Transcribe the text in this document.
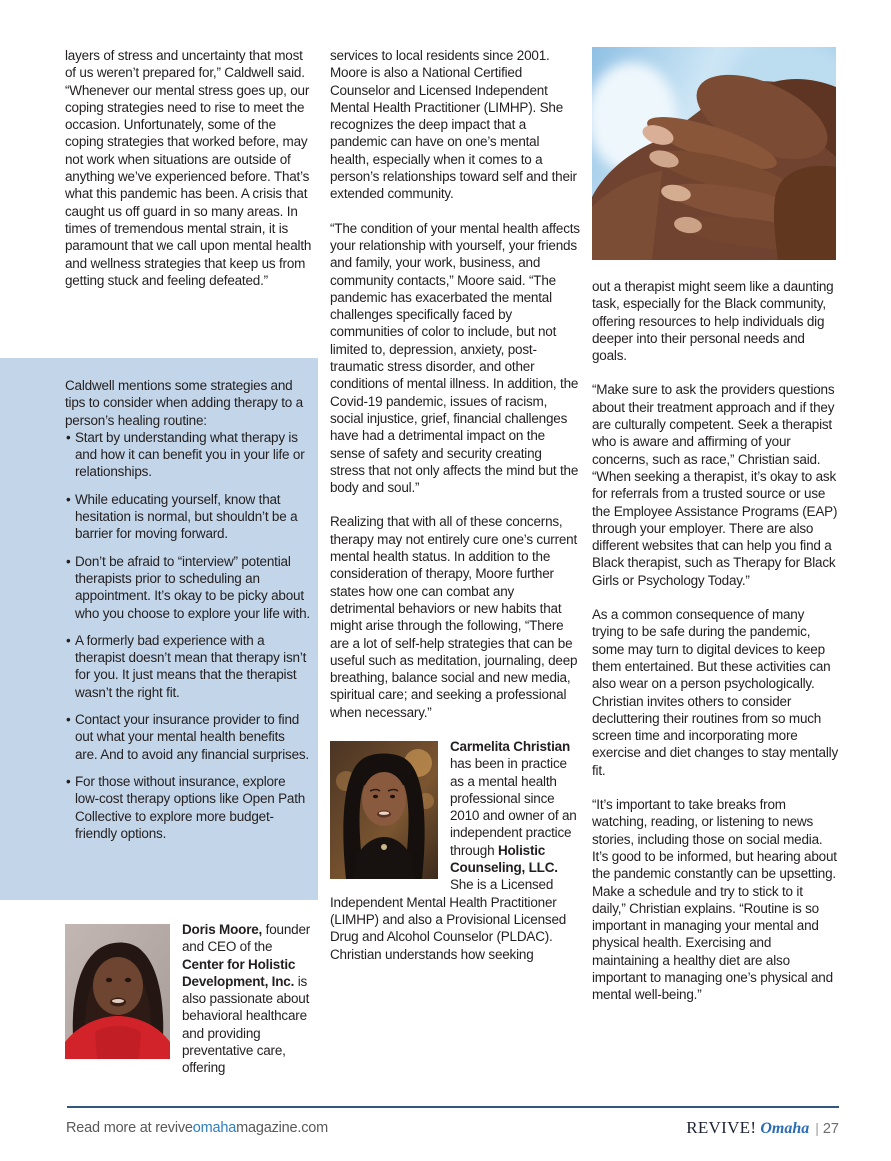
layers of stress and uncertainty that most of us weren’t prepared for,” Caldwell said. “Whenever our mental stress goes up, our coping strategies need to rise to meet the occasion. Unfortunately, some of the coping strategies that worked before, may not work when situations are outside of anything we’ve experienced before. That’s what this pandemic has been. A crisis that caught us off guard in so many areas. In times of tremendous mental strain, it is paramount that we call upon mental health and wellness strategies that keep us from getting stuck and feeling defeated.”

Caldwell mentions some strategies and tips to consider when adding therapy to a person’s healing routine:

• Start by understanding what therapy is and how it can benefit you in your life or relationships.
• While educating yourself, know that hesitation is normal, but shouldn’t be a barrier for moving forward.
• Don’t be afraid to “interview” potential therapists prior to scheduling an appointment. It’s okay to be picky about who you choose to explore your life with.
• A formerly bad experience with a therapist doesn’t mean that therapy isn’t for you. It just means that the therapist wasn’t the right fit.
• Contact your insurance provider to find out what your mental health benefits are. And to avoid any financial surprises.
• For those without insurance, explore low-cost therapy options like Open Path Collective to explore more budget-friendly options.
Doris Moore, founder and CEO of the Center for Holistic Development, Inc. is also passionate about behavioral healthcare and providing preventative care, offering

services to local residents since 2001. Moore is also a National Certified Counselor and Licensed Independent Mental Health Practitioner (LIMHP). She recognizes the deep impact that a pandemic can have on one’s mental health, especially when it comes to a person’s relationships toward self and their extended community.

“The condition of your mental health affects your relationship with yourself, your friends and family, your work, business, and community contacts,” Moore said. “The pandemic has exacerbated the mental challenges specifically faced by communities of color to include, but not limited to, depression, anxiety, post-traumatic stress disorder, and other conditions of mental illness. In addition, the Covid-19 pandemic, issues of racism, social injustice, grief, financial challenges have had a detrimental impact on the sense of safety and security creating stress that not only affects the mind but the body and soul.”

Realizing that with all of these concerns, therapy may not entirely cure one’s current mental health status. In addition to the consideration of therapy, Moore further states how one can combat any detrimental behaviors or new habits that might arise through the following, “There are a lot of self-help strategies that can be useful such as meditation, journaling, deep breathing, balance social and new media, spiritual care; and seeking a professional when necessary.”

Carmelita Christian has been in practice as a mental health professional since 2010 and owner of an independent practice through Holistic Counseling, LLC. She is a Licensed Independent Mental Health Practitioner (LIMHP) and also a Provisional Licensed Drug and Alcohol Counselor (PLDAC). Christian understands how seeking

out a therapist might seem like a daunting task, especially for the Black community, offering resources to help individuals dig deeper into their personal needs and goals.

“Make sure to ask the providers questions about their treatment approach and if they are culturally competent. Seek a therapist who is aware and affirming of your concerns, such as race,” Christian said. “When seeking a therapist, it’s okay to ask for referrals from a trusted source or use the Employee Assistance Programs (EAP) through your employer. There are also different websites that can help you find a Black therapist, such as Therapy for Black Girls or Psychology Today.”

As a common consequence of many trying to be safe during the pandemic, some may turn to digital devices to keep them entertained. But these activities can also wear on a person psychologically. Christian invites others to consider decluttering their routines from so much screen time and incorporating more exercise and diet changes to stay mentally fit.

“It’s important to take breaks from watching, reading, or listening to news stories, including those on social media. It’s good to be informed, but hearing about the pandemic constantly can be upsetting. Make a schedule and try to stick to it daily,” Christian explains. “Routine is so important in managing your mental and physical health. Exercising and maintaining a healthy diet are also important to managing one’s physical and mental well-being.”

Read more at reviveomahamagazine.com	REVIVE! Omaha | 27
